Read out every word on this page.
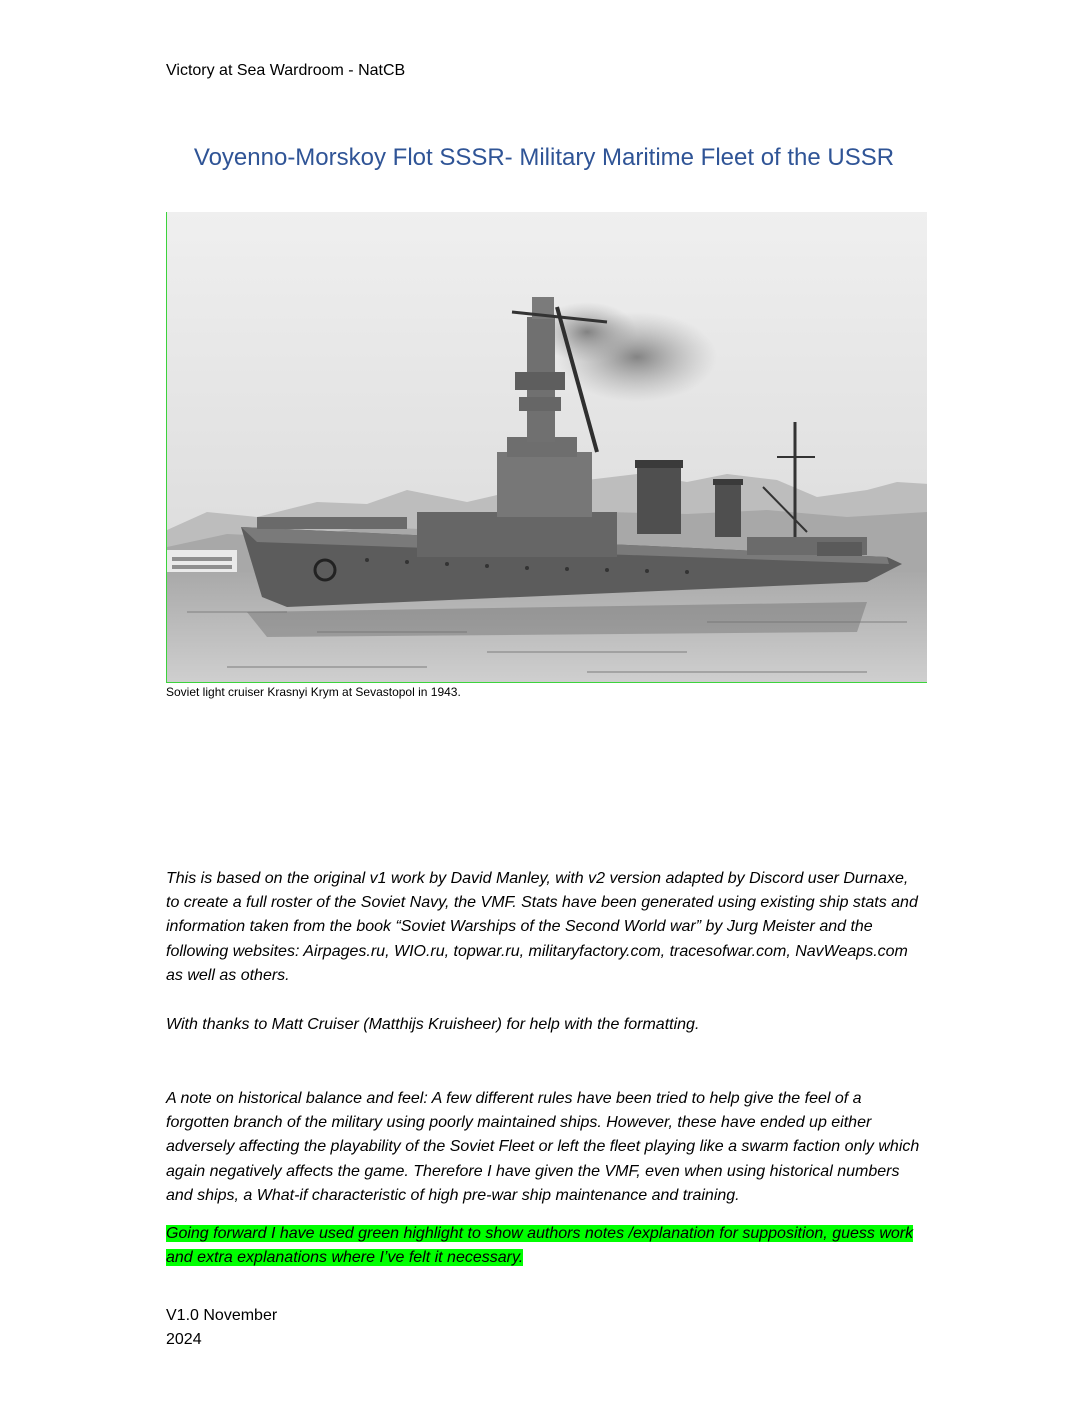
Victory at Sea Wardroom - NatCB
Voyenno-Morskoy Flot SSSR- Military Maritime Fleet of the USSR
Soviet light cruiser Krasnyi Krym at Sevastopol in 1943.

This is based on the original v1 work by David Manley, with v2 version adapted by Discord user Durnaxe, to create a full roster of the Soviet Navy, the VMF. Stats have been generated using existing ship stats and information taken from the book “Soviet Warships of the Second World war” by Jurg Meister and the following websites: Airpages.ru, WIO.ru, topwar.ru, militaryfactory.com, tracesofwar.com, NavWeaps.com as well as others.

With thanks to Matt Cruiser (Matthijs Kruisheer) for help with the formatting.

A note on historical balance and feel: A few different rules have been tried to help give the feel of a forgotten branch of the military using poorly maintained ships. However, these have ended up either adversely affecting the playability of the Soviet Fleet or left the fleet playing like a swarm faction only which again negatively affects the game. Therefore I have given the VMF, even when using historical numbers and ships, a What-if characteristic of high pre-war ship maintenance and training.

Going forward I have used green highlight to show authors notes /explanation for supposition, guess work and extra explanations where I’ve felt it necessary.

V1.0 November
2024
